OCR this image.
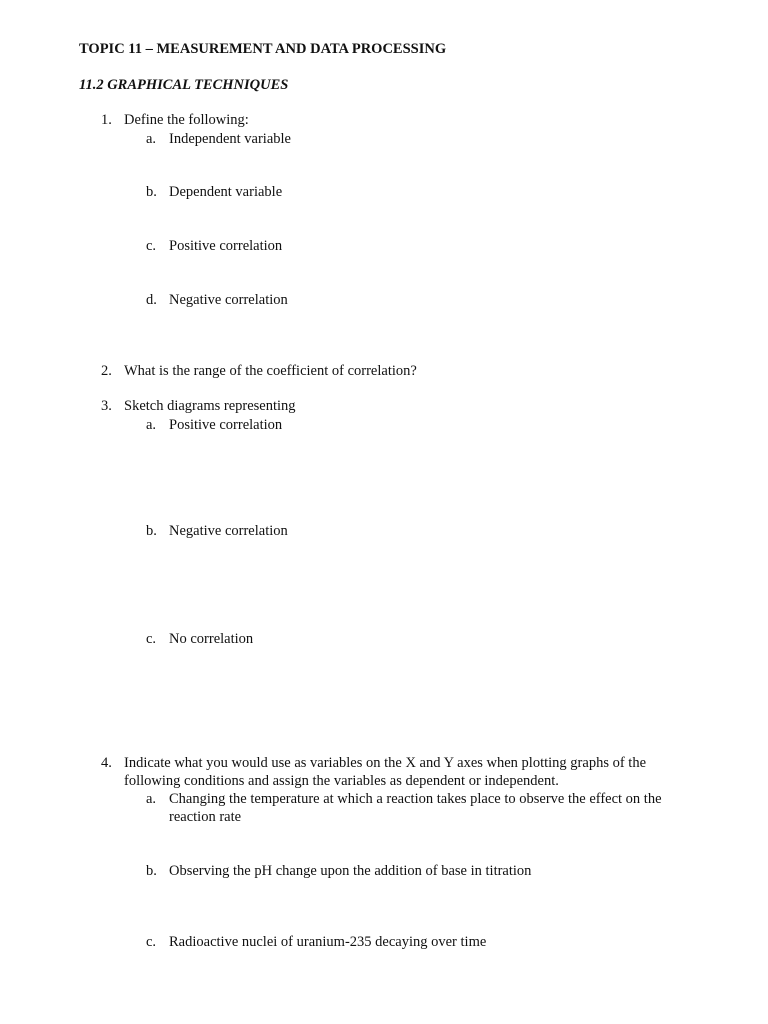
TOPIC 11 – MEASUREMENT AND DATA PROCESSING
11.2 GRAPHICAL TECHNIQUES
1. Define the following:
a. Independent variable
b. Dependent variable
c. Positive correlation
d. Negative correlation
2. What is the range of the coefficient of correlation?
3. Sketch diagrams representing
a. Positive correlation
b. Negative correlation
c. No correlation
4. Indicate what you would use as variables on the X and Y axes when plotting graphs of the following conditions and assign the variables as dependent or independent.
a. Changing the temperature at which a reaction takes place to observe the effect on the reaction rate
b. Observing the pH change upon the addition of base in titration
c. Radioactive nuclei of uranium-235 decaying over time
